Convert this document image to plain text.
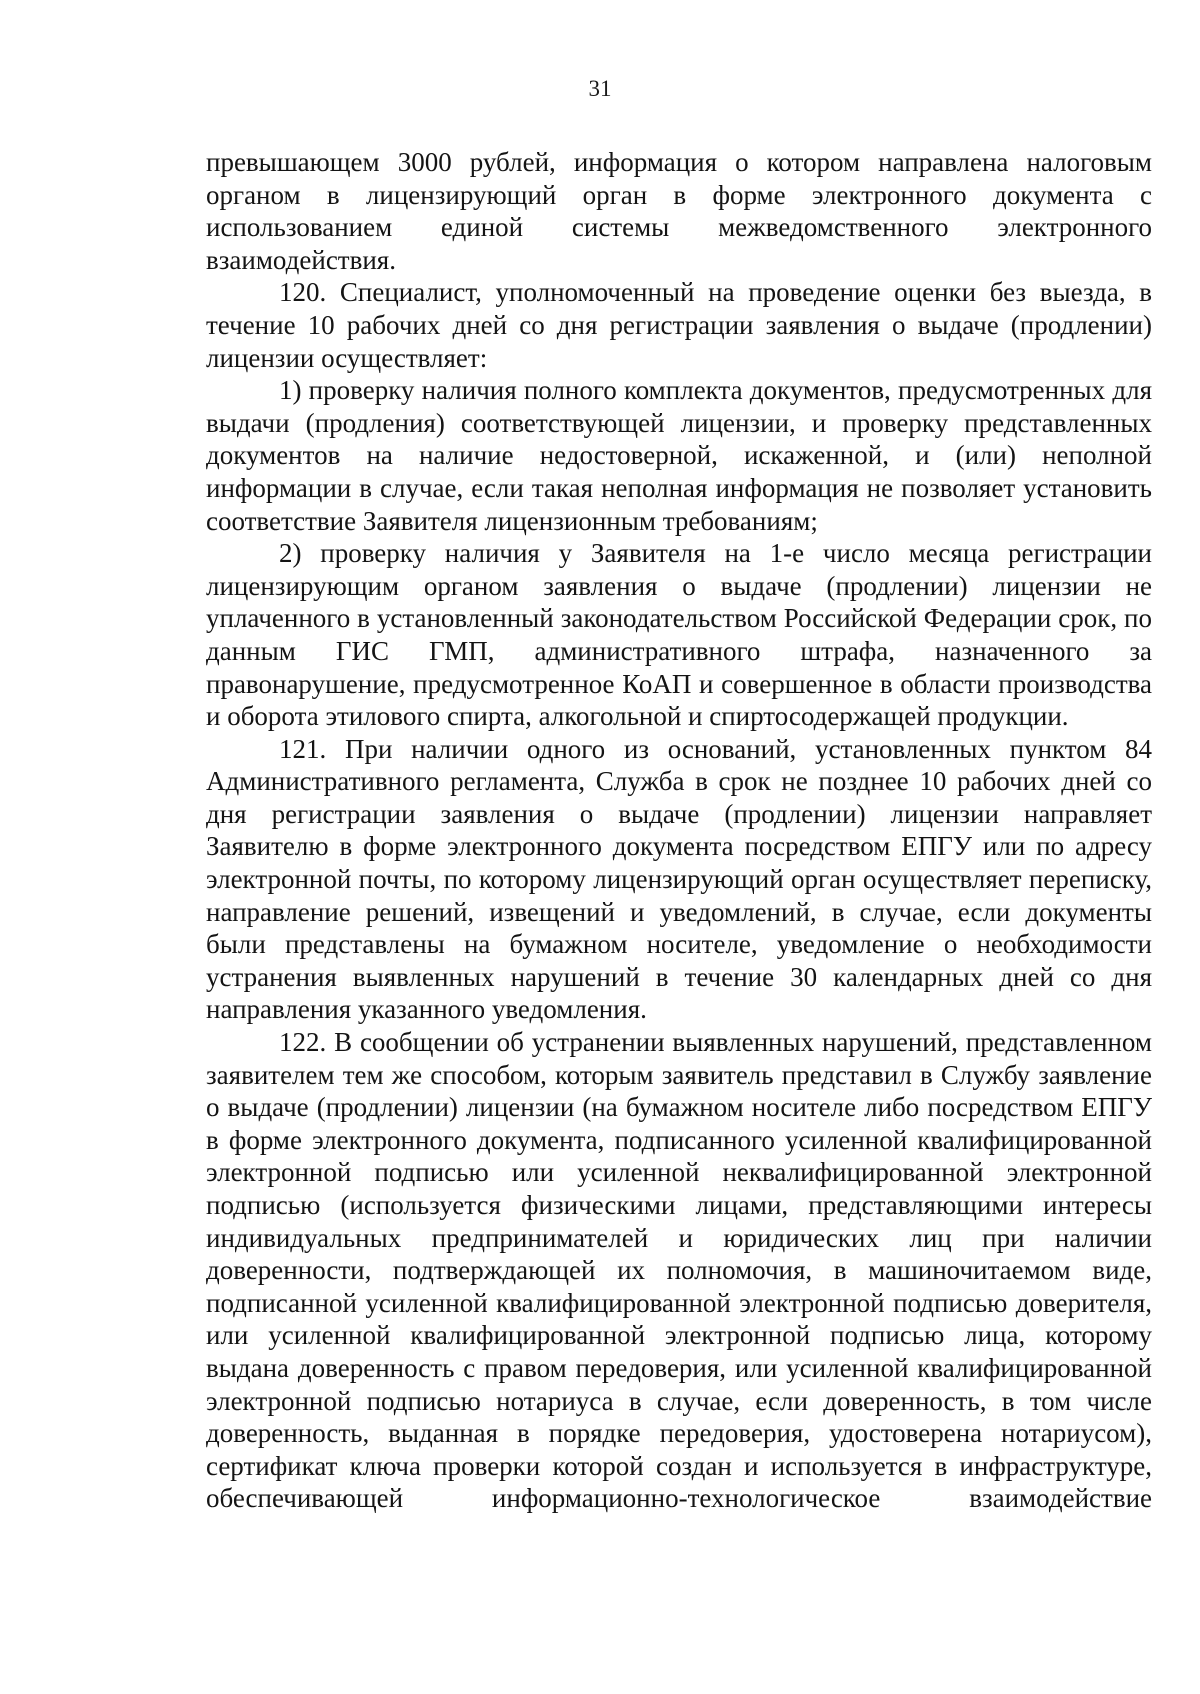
31

превышающем 3000 рублей, информация о котором направлена налоговым органом в лицензирующий орган в форме электронного документа с использованием единой системы межведомственного электронного взаимодействия.

120. Специалист, уполномоченный на проведение оценки без выезда, в течение 10 рабочих дней со дня регистрации заявления о выдаче (продлении) лицензии осуществляет:

1) проверку наличия полного комплекта документов, предусмотренных для выдачи (продления) соответствующей лицензии, и проверку представленных документов на наличие недостоверной, искаженной, и (или) неполной информации в случае, если такая неполная информация не позволяет установить соответствие Заявителя лицензионным требованиям;

2) проверку наличия у Заявителя на 1-е число месяца регистрации лицензирующим органом заявления о выдаче (продлении) лицензии не уплаченного в установленный законодательством Российской Федерации срок, по данным ГИС ГМП, административного штрафа, назначенного за правонарушение, предусмотренное КоАП и совершенное в области производства и оборота этилового спирта, алкогольной и спиртосодержащей продукции.

121. При наличии одного из оснований, установленных пунктом 84 Административного регламента, Служба в срок не позднее 10 рабочих дней со дня регистрации заявления о выдаче (продлении) лицензии направляет Заявителю в форме электронного документа посредством ЕПГУ или по адресу электронной почты, по которому лицензирующий орган осуществляет переписку, направление решений, извещений и уведомлений, в случае, если документы были представлены на бумажном носителе, уведомление о необходимости устранения выявленных нарушений в течение 30 календарных дней со дня направления указанного уведомления.

122. В сообщении об устранении выявленных нарушений, представленном заявителем тем же способом, которым заявитель представил в Службу заявление о выдаче (продлении) лицензии (на бумажном носителе либо посредством ЕПГУ в форме электронного документа, подписанного усиленной квалифицированной электронной подписью или усиленной неквалифицированной электронной подписью (используется физическими лицами, представляющими интересы индивидуальных предпринимателей и юридических лиц при наличии доверенности, подтверждающей их полномочия, в машиночитаемом виде, подписанной усиленной квалифицированной электронной подписью доверителя, или усиленной квалифицированной электронной подписью лица, которому выдана доверенность с правом передоверия, или усиленной квалифицированной электронной подписью нотариуса в случае, если доверенность, в том числе доверенность, выданная в порядке передоверия, удостоверена нотариусом), сертификат ключа проверки которой создан и используется в инфраструктуре, обеспечивающей информационно-технологическое взаимодействие
